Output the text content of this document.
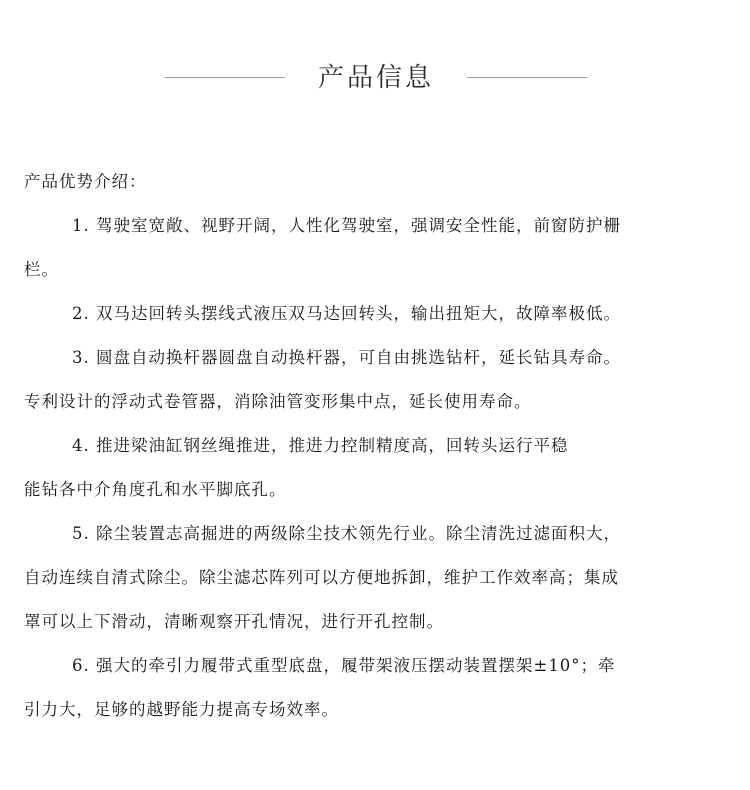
产品信息
产品优势介绍：
1. 驾驶室宽敞、视野开阔，人性化驾驶室，强调安全性能，前窗防护栅
栏。
2. 双马达回转头摆线式液压双马达回转头，输出扭矩大，故障率极低。
3. 圆盘自动换杆器圆盘自动换杆器，可自由挑选钻杆，延长钻具寿命。
专利设计的浮动式卷管器，消除油管变形集中点，延长使用寿命。
4. 推进梁油缸钢丝绳推进，推进力控制精度高，回转头运行平稳
能钻各中介角度孔和水平脚底孔。
5. 除尘装置志高掘进的两级除尘技术领先行业。除尘清洗过滤面积大，
自动连续自清式除尘。除尘滤芯阵列可以方便地拆卸，维护工作效率高；集成
罩可以上下滑动，清晰观察开孔情况，进行开孔控制。
6. 强大的牵引力履带式重型底盘，履带架液压摆动装置摆架±10°；牵
引力大，足够的越野能力提高专场效率。
